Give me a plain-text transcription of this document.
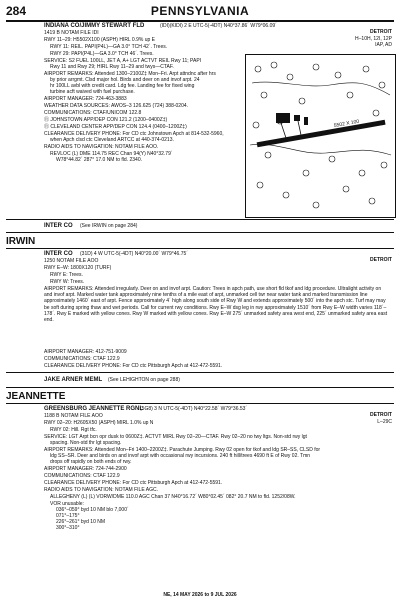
284	PENNSYLVANIA
INDIANA CO/JIMMY STEWART FLD	(IDI)(KIDI) 2 E UTC-5(-4DT) N40°37.86´ W79°06.09´
DETROIT
H–10H, 12I, 12P
IAP, AD
1419 B NOTAM FILE IDI
RWY 11–29: H5502X100 (ASPH) HIRL 0.9% up E
RWY 11: REIL. PAPI(P4L)—GA 3.0° TCH 42´. Trees.
RWY 29: PAPI(P4L)—GA 3.0° TCH 46´. Trees.
SERVICE: S2 FUEL 100LL, JET A, A+ LGT ACTVT REIL Rwy 11; PAPI
Rwy 11 and Rwy 29; HIRL Rwy 11–29 and twys—CTAF.
AIRPORT REMARKS: Attended 1300–2100Z‡ Mon–Fri. Arpt attndnc after hrs
by prior arrgmt. Clsd major hol. Birds and deer on and invof arpt. 24
hr 100LL avbl with credit card. Ldg fee. Landing fee for fixed wing
turbine acft waived with fuel purchase.
AIRPORT MANAGER: 724-463-3883
WEATHER DATA SOURCES: AWOS–3 126.625 (724) 388-0204.
COMMUNICATIONS: CTAF/UNICOM 122.8
Ⓡ JOHNSTOWN APP/DEP CON 121.2 (1200–0400Z‡)
Ⓡ CLEVELAND CENTER APP/DEP CON 124.4 (0400–1200Z‡)
CLEARANCE DELIVERY PHONE: For CD ctc Johnstown Apch at 814-532-5960,
when Apch clsd ctc Cleveland ARTCC at 440-374-0213.
RADIO AIDS TO NAVIGATION: NOTAM FILE AOO.
REVLOC (L) DME 114.75 REC Chan 94(Y) N40°32.79´
W78°44.82´ 287° 17.0 NM to fld. 2340.
5502 X 100
INTER CO (See IRWIN on page 284)
IRWIN
INTER CO (31D) 4 W UTC-5(-4DT) N40°20.00´ W79°46.75´
DETROIT
1250 NOTAM FILE AOO
RWY E–W: 1800X120 (TURF)
RWY E: Trees.
RWY W: Trees.
AIRPORT REMARKS: Attended irregularly. Deer on and invof arpt. Caution: Trees in apch path, use short fld tkof and ldg procedure. Ultralight activity on and invof arpt. Marked water tank approximately nine tenths of a mile east of arpt, unmarked cell twr near water tank and marked transmission line approximately 1460´ east of arpt. Fence approximately 4´ high along south side of Rwy W and extends approximately 500´ into the apch stc. Turf may may be soft during spring thaw and wet periods. Call for current rwy conditions. Rwy E–W dsg leg in rwy approximately 1510´ from Rwy E–W width varies 118´–178´. Rwy E marked with yellow cones. Rwy W marked with yellow cones. Rwy E–W 275´ unmarked safety area west end, 225´ unmarked safety area east end.
AIRPORT MANAGER: 412-751-9009
COMMUNICATIONS: CTAF 122.9
CLEARANCE DELIVERY PHONE: For CD ctc Pittsburgh Apch at 412-472-5591.
JAKE ARNER MEML (See LEHIGHTON on page 288)
JEANNETTE
GREENSBURG JEANNETTE RGNL
(5G8) 3 N UTC-5(-4DT) N40°22.58´ W79°36.53´
DETROIT
L–29C
1188 B NOTAM FILE AOO
RWY 02–20: H2605X50 (ASPH) MIRL 1.0% up N
RWY 02: Hill. Rgt tfc.
SERVICE: LGT Arpt bcn opr dusk to 0600Z‡. ACTVT MIRL Rwy 02–20—CTAF. Rwy 02–20 no twy ltgs. Non-std rwy lgt
spacing. Non-std thr lgt spacing.
AIRPORT REMARKS: Attended Mon–Fri 1400–2200Z‡. Parachute Jumping. Rwy 02 open for tkof and ldg SR–SS, CLSD for
ldg SS–SR. Deer and birds on and invof arpt with occasional rwy incursions. 240 ft hill/trees 4690 ft E of Rwy 02. Tmn
drops off rapidly on both ends of rwy.
AIRPORT MANAGER: 724-744-2900
COMMUNICATIONS: CTAF 122.9
CLEARANCE DELIVERY PHONE: For CD ctc Pittsburgh Apch at 412-472-5591.
RADIO AIDS TO NAVIGATION: NOTAM FILE AGC.
ALLEGHENY (L) (L) VORW/DME 110.0 AGC Chan 37 N40°16.72´ W80°02.45´ 082° 20.7 NM to fld. 1252/08W.
VOR unusable:
036°–059° byd 10 NM blo 7,000´
071°–175°
226°–261° byd 10 NM
300°–310°
NE, 14 MAY 2026 to 9 JUL 2026
